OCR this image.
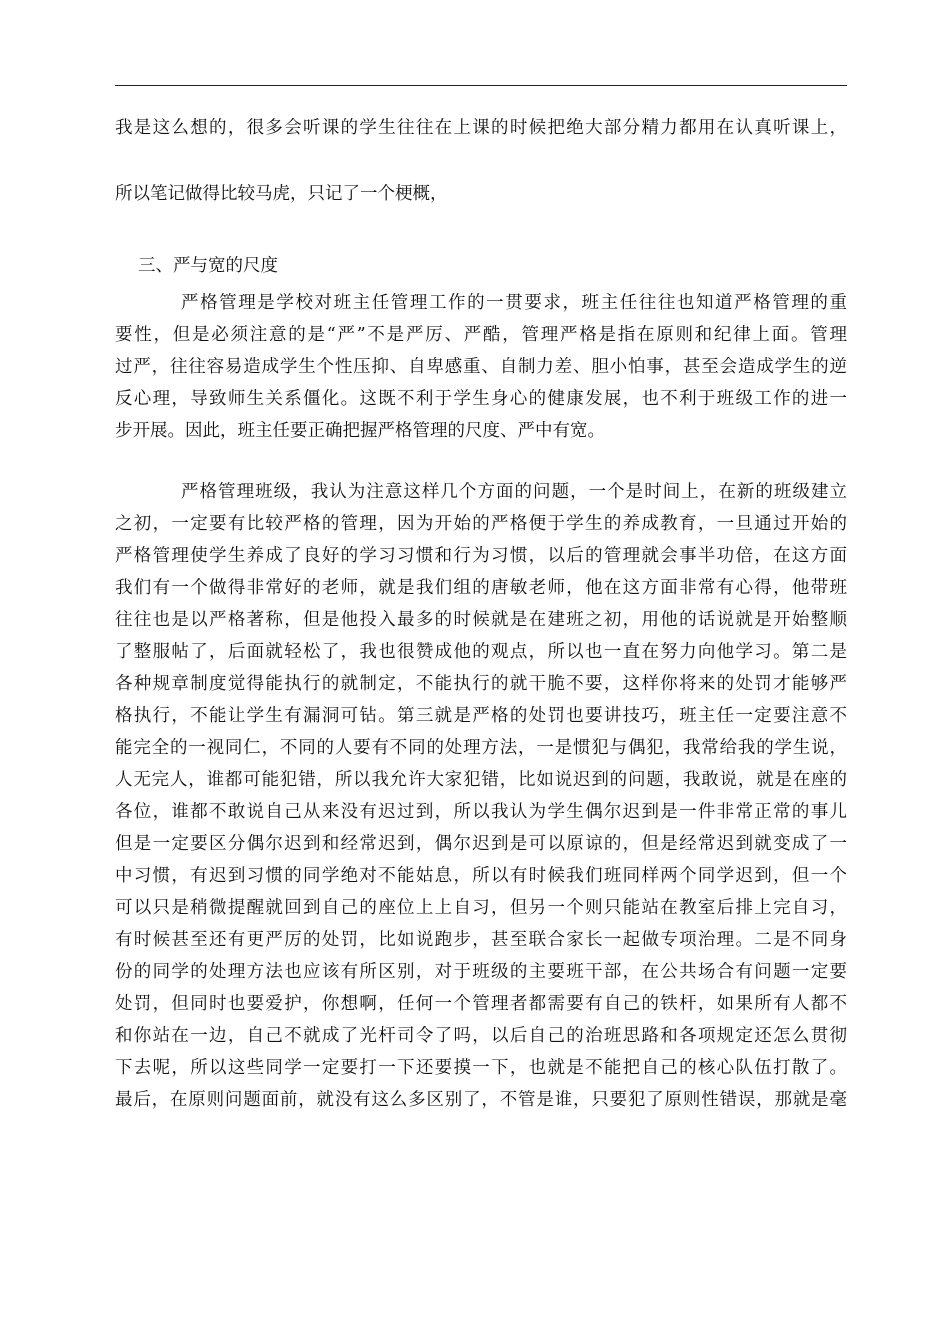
我是这么想的，很多会听课的学生往往在上课的时候把绝大部分精力都用在认真听课上，
所以笔记做得比较马虎，只记了一个梗概，
三、严与宽的尺度
严格管理是学校对班主任管理工作的一贯要求，班主任往往也知道严格管理的重
要性，但是必须注意的是“严”不是严厉、严酷，管理严格是指在原则和纪律上面。管理
过严，往往容易造成学生个性压抑、自卑感重、自制力差、胆小怕事，甚至会造成学生的逆
反心理，导致师生关系僵化。这既不利于学生身心的健康发展，也不利于班级工作的进一
步开展。因此，班主任要正确把握严格管理的尺度、严中有宽。
严格管理班级，我认为注意这样几个方面的问题，一个是时间上，在新的班级建立
之初，一定要有比较严格的管理，因为开始的严格便于学生的养成教育，一旦通过开始的
严格管理使学生养成了良好的学习习惯和行为习惯，以后的管理就会事半功倍，在这方面
我们有一个做得非常好的老师，就是我们组的唐敏老师，他在这方面非常有心得，他带班
往往也是以严格著称，但是他投入最多的时候就是在建班之初，用他的话说就是开始整顺
了整服帖了，后面就轻松了，我也很赞成他的观点，所以也一直在努力向他学习。第二是
各种规章制度觉得能执行的就制定，不能执行的就干脆不要，这样你将来的处罚才能够严
格执行，不能让学生有漏洞可钻。第三就是严格的处罚也要讲技巧，班主任一定要注意不
能完全的一视同仁，不同的人要有不同的处理方法，一是惯犯与偶犯，我常给我的学生说，
人无完人，谁都可能犯错，所以我允许大家犯错，比如说迟到的问题，我敢说，就是在座的
各位，谁都不敢说自己从来没有迟过到，所以我认为学生偶尔迟到是一件非常正常的事儿
但是一定要区分偶尔迟到和经常迟到，偶尔迟到是可以原谅的，但是经常迟到就变成了一
中习惯，有迟到习惯的同学绝对不能姑息，所以有时候我们班同样两个同学迟到，但一个
可以只是稍微提醒就回到自己的座位上上自习，但另一个则只能站在教室后排上完自习，
有时候甚至还有更严厉的处罚，比如说跑步，甚至联合家长一起做专项治理。二是不同身
份的同学的处理方法也应该有所区别，对于班级的主要班干部，在公共场合有问题一定要
处罚，但同时也要爱护，你想啊，任何一个管理者都需要有自己的铁杆，如果所有人都不
和你站在一边，自己不就成了光杆司令了吗，以后自己的治班思路和各项规定还怎么贯彻
下去呢，所以这些同学一定要打一下还要摸一下，也就是不能把自己的核心队伍打散了。
最后，在原则问题面前，就没有这么多区别了，不管是谁，只要犯了原则性错误，那就是毫
